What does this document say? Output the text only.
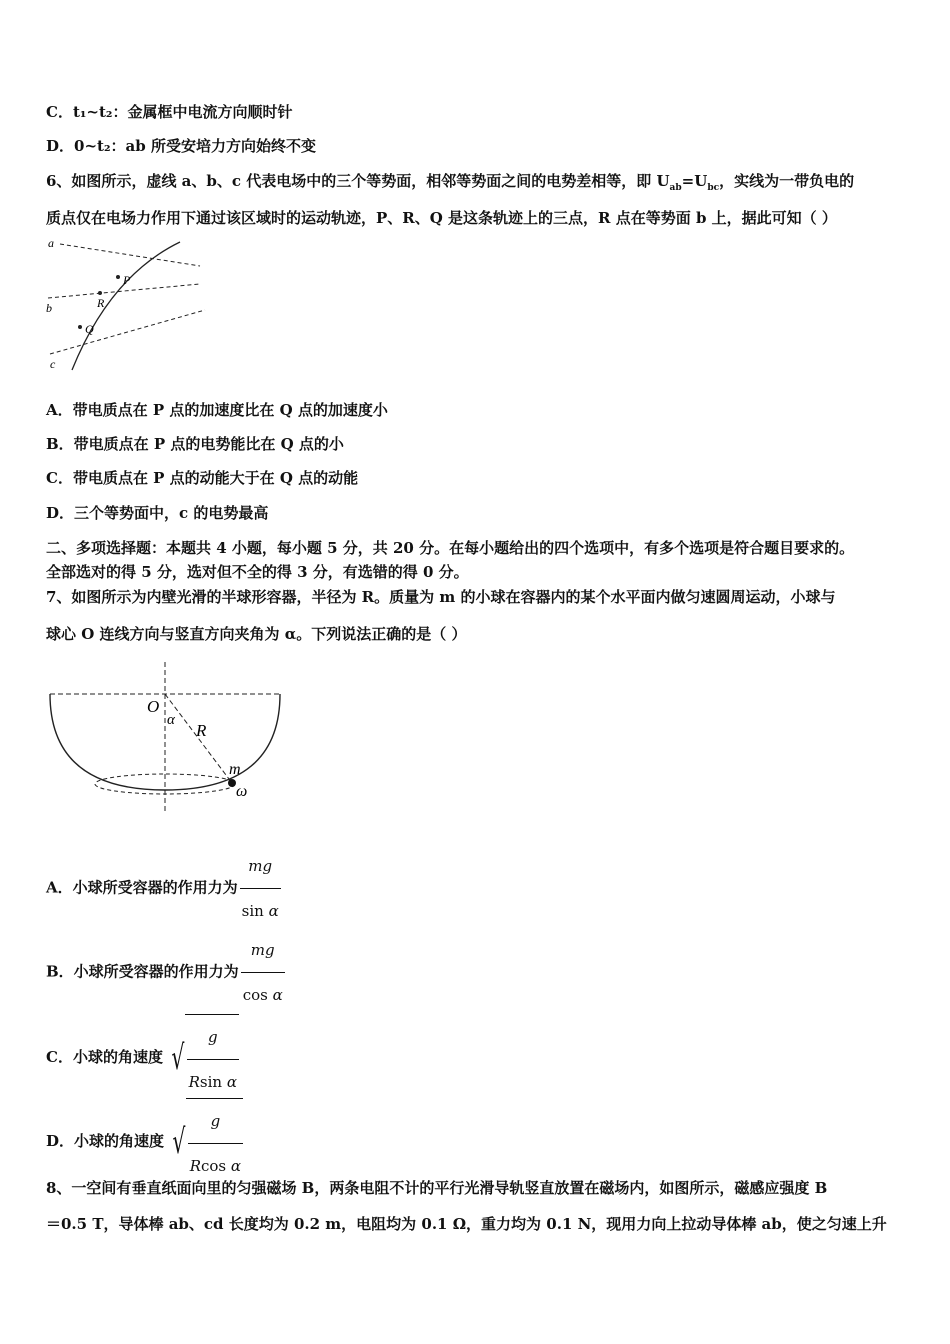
C．t₁~t₂：金属框中电流方向顺时针
D．0~t₂：ab 所受安培力方向始终不变
6、如图所示，虚线 a、b、c 代表电场中的三个等势面，相邻等势面之间的电势差相等，即 $U_{ab}=U_{bc}$，实线为一带负电的
质点仅在电场力作用下通过该区域时的运动轨迹，P、R、Q 是这条轨迹上的三点，R 点在等势面 b 上，据此可知（ ）
a
b
c
P
R
Q
A．带电质点在 P 点的加速度比在 Q 点的加速度小
B．带电质点在 P 点的电势能比在 Q 点的小
C．带电质点在 P 点的动能大于在 Q 点的动能
D．三个等势面中，c 的电势最高
二、多项选择题：本题共 4 小题，每小题 5 分，共 20 分。在每小题给出的四个选项中，有多个选项是符合题目要求的。
全部选对的得 5 分，选对但不全的得 3 分，有选错的得 0 分。
7、如图所示为内壁光滑的半球形容器，半径为 R。质量为 m 的小球在容器内的某个水平面内做匀速圆周运动，小球与
球心 O 连线方向与竖直方向夹角为 α。下列说法正确的是（ ）
O
α
R
m
ω
A．小球所受容器的作用力为 $\frac{mg}{\text{sin α}}$
B．小球所受容器的作用力为 $\frac{mg}{\text{cos α}}$
C．小球的角速度 √ $\frac{g}{\text{Rsin α}}$
D．小球的角速度 √ $\frac{g}{\text{Rcos α}}$
8、一空间有垂直纸面向里的匀强磁场 B，两条电阻不计的平行光滑导轨竖直放置在磁场内，如图所示，磁感应强度 B
＝0.5 T，导体棒 ab、cd 长度均为 0.2 m，电阻均为 0.1 Ω，重力均为 0.1 N，现用力向上拉动导体棒 ab，使之匀速上升
